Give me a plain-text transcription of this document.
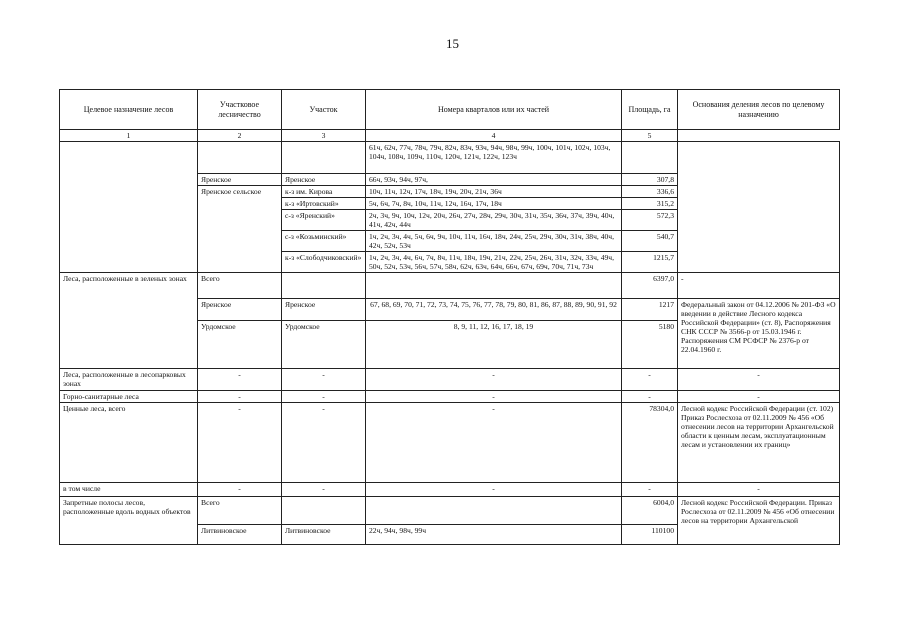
15
Целевое назначение лесов	Участковое лесничество	Участок	Номера кварталов или их частей	Площадь, га	Основания деления лесов по целевому назначению
1	2	3	4	5	
			61ч, 62ч, 77ч, 78ч, 79ч, 82ч, 83ч, 93ч, 94ч, 98ч, 99ч, 100ч, 101ч, 102ч, 103ч, 104ч, 108ч, 109ч, 110ч, 120ч, 121ч, 122ч, 123ч		
	Яренское	Яренское	66ч, 93ч, 94ч, 97ч,	307,8	
	Яренское сельское	к-з им. Кирова	10ч, 11ч, 12ч, 17ч, 18ч, 19ч, 20ч, 21ч, 36ч	336,6	
		к-з «Иртовский»	5ч, 6ч, 7ч, 8ч, 10ч, 11ч, 12ч, 16ч, 17ч, 18ч	315,2	
		с-з «Яренский»	2ч, 3ч, 9ч, 10ч, 12ч, 20ч, 26ч, 27ч, 28ч, 29ч, 30ч, 31ч, 35ч, 36ч, 37ч, 39ч, 40ч, 41ч, 42ч, 44ч	572,3	
		с-з «Козьминский»	1ч, 2ч, 3ч, 4ч, 5ч, 6ч, 9ч, 10ч, 11ч, 16ч, 18ч, 24ч, 25ч, 29ч, 30ч, 31ч, 38ч, 40ч, 42ч, 52ч, 53ч	540,7	
		к-з «Слободчиковский»	1ч, 2ч, 3ч, 4ч, 6ч, 7ч, 8ч, 11ч, 18ч, 19ч, 21ч, 22ч, 25ч, 26ч, 31ч, 32ч, 33ч, 49ч, 50ч, 52ч, 53ч, 56ч, 57ч, 58ч, 62ч, 63ч, 64ч, 66ч, 67ч, 69ч, 70ч, 71ч, 73ч	1215,7	
Леса, расположенные в зеленых зонах	Всего			6397,0	-
	Яренское	Яренское	67, 68, 69, 70, 71, 72, 73, 74, 75, 76, 77, 78, 79, 80, 81, 86, 87, 88, 89, 90, 91, 92	1217	Федеральный закон от 04.12.2006 № 201-ФЗ «О введении в действие Лесного кодекса Российской Федерации» (ст. 8), Распоряжения СНК СССР № 3566-р от 15.03.1946 г. Распоряжения СМ РСФСР № 2376-р от 22.04.1960 г.
	Урдомское	Урдомское	8, 9, 11, 12, 16, 17, 18, 19	5180	
Леса, расположенные в лесопарковых зонах	-	-	-	-	-
Горно-санитарные леса	-	-	-	-	-
Ценные леса, всего	-	-	-	78304,0	Лесной кодекс Российской Федерации (ст. 102) Приказ Рослесхоза от 02.11.2009 № 456 «Об отнесении лесов на территории Архангельской области к ценным лесам, эксплуатационным лесам и установлении их границ»
в том числе	-	-	-	-	-
Запретные полосы лесов, расположенные вдоль водных объектов	Всего			6004,0	Лесной кодекс Российской Федерации. Приказ Рослесхоза от 02.11.2009 № 456 «Об отнесении лесов на территории Архангельской
	Литвиновское	Литвиновское	22ч, 94ч, 98ч, 99ч	110100	
